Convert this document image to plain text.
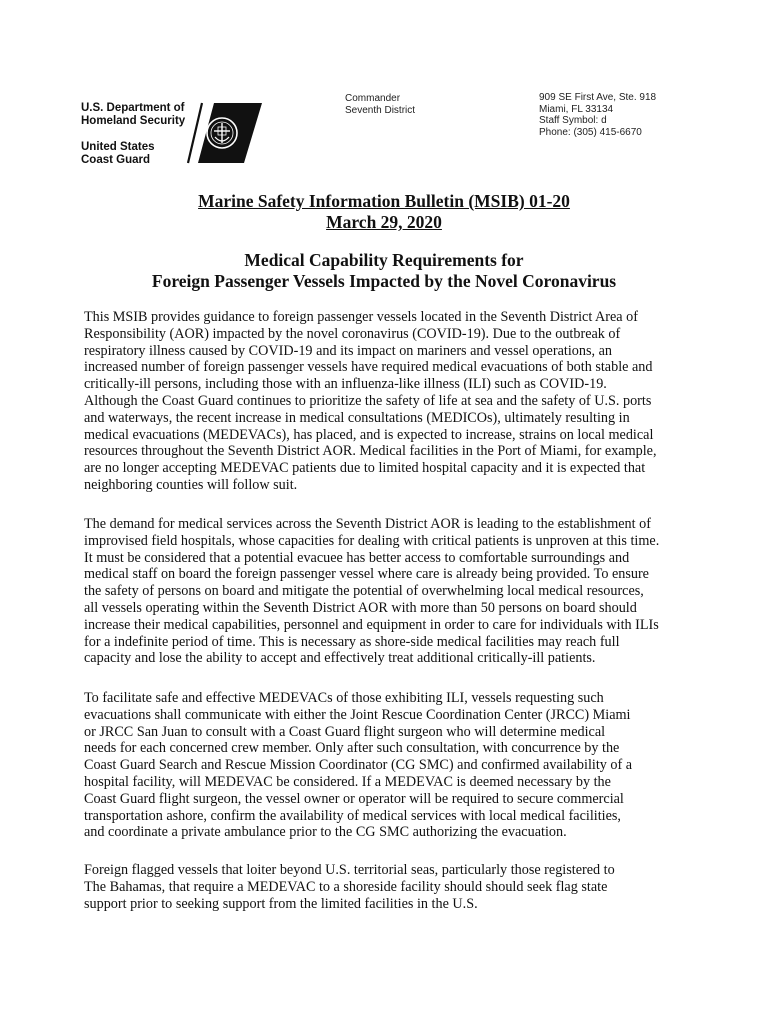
U.S. Department of
Homeland Security
United States
Coast Guard
Commander
Seventh District
909 SE First Ave, Ste. 918
Miami, FL 33134
Staff Symbol: d
Phone: (305) 415-6670
Marine Safety Information Bulletin (MSIB) 01-20
March 29, 2020
Medical Capability Requirements for
Foreign Passenger Vessels Impacted by the Novel Coronavirus
This MSIB provides guidance to foreign passenger vessels located in the Seventh District Area of
Responsibility (AOR) impacted by the novel coronavirus (COVID-19). Due to the outbreak of
respiratory illness caused by COVID-19 and its impact on mariners and vessel operations, an
increased number of foreign passenger vessels have required medical evacuations of both stable and
critically-ill persons, including those with an influenza-like illness (ILI) such as COVID-19.
Although the Coast Guard continues to prioritize the safety of life at sea and the safety of U.S. ports
and waterways, the recent increase in medical consultations (MEDICOs), ultimately resulting in
medical evacuations (MEDEVACs), has placed, and is expected to increase, strains on local medical
resources throughout the Seventh District AOR. Medical facilities in the Port of Miami, for example,
are no longer accepting MEDEVAC patients due to limited hospital capacity and it is expected that
neighboring counties will follow suit.
The demand for medical services across the Seventh District AOR is leading to the establishment of
improvised field hospitals, whose capacities for dealing with critical patients is unproven at this time.
It must be considered that a potential evacuee has better access to comfortable surroundings and
medical staff on board the foreign passenger vessel where care is already being provided. To ensure
the safety of persons on board and mitigate the potential of overwhelming local medical resources,
all vessels operating within the Seventh District AOR with more than 50 persons on board should
increase their medical capabilities, personnel and equipment in order to care for individuals with ILIs
for a indefinite period of time. This is necessary as shore-side medical facilities may reach full
capacity and lose the ability to accept and effectively treat additional critically-ill patients.
To facilitate safe and effective MEDEVACs of those exhibiting ILI, vessels requesting such
evacuations shall communicate with either the Joint Rescue Coordination Center (JRCC) Miami
or JRCC San Juan to consult with a Coast Guard flight surgeon who will determine medical
needs for each concerned crew member. Only after such consultation, with concurrence by the
Coast Guard Search and Rescue Mission Coordinator (CG SMC) and confirmed availability of a
hospital facility, will MEDEVAC be considered. If a MEDEVAC is deemed necessary by the
Coast Guard flight surgeon, the vessel owner or operator will be required to secure commercial
transportation ashore, confirm the availability of medical services with local medical facilities,
and coordinate a private ambulance prior to the CG SMC authorizing the evacuation.
Foreign flagged vessels that loiter beyond U.S. territorial seas, particularly those registered to
The Bahamas, that require a MEDEVAC to a shoreside facility should should seek flag state
support prior to seeking support from the limited facilities in the U.S.
